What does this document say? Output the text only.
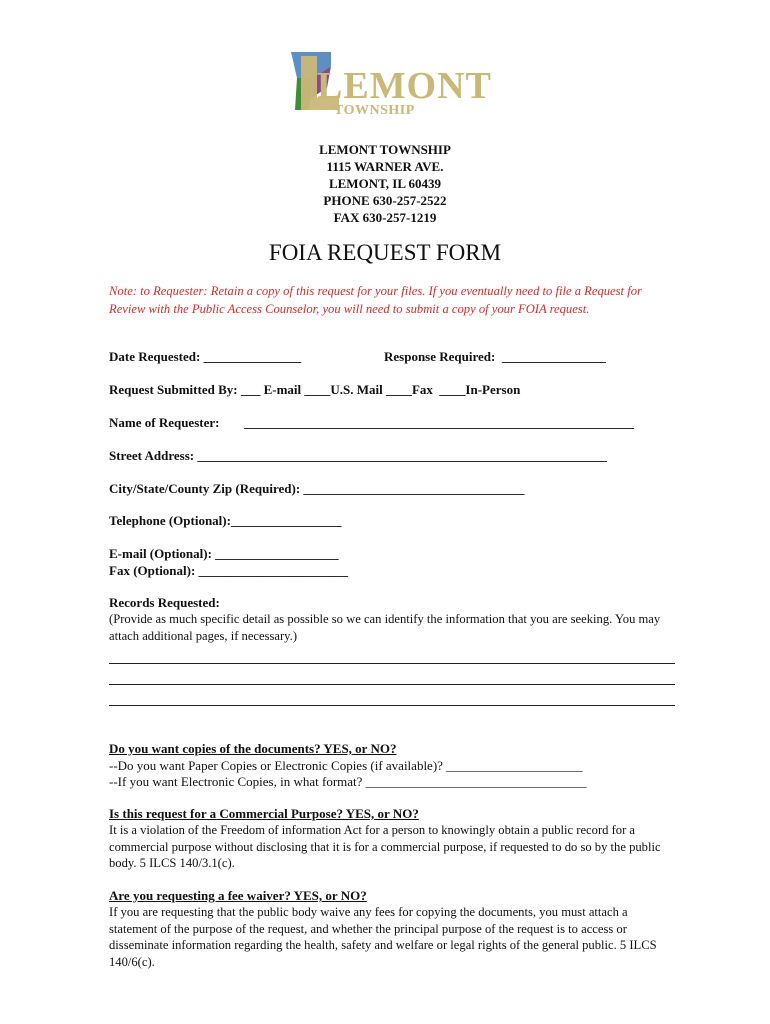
LEMONT
TOWNSHIP
LEMONT TOWNSHIP
1115 WARNER AVE.
LEMONT, IL 60439
PHONE 630-257-2522
FAX 630-257-1219
FOIA REQUEST FORM
Note: to Requester: Retain a copy of this request for your files. If you eventually need to file a Request for Review with the Public Access Counselor, you will need to submit a copy of your FOIA request.
Date Requested: _______________	Response Required:  ________________
Request Submitted By: ___ E-mail ____U.S. Mail ____Fax  ____In-Person
Name of Requester: ____________________________________________________________
Street Address: _______________________________________________________________
City/State/County Zip (Required): __________________________________
Telephone (Optional):_________________
E-mail (Optional): ___________________
Fax (Optional): _______________________
Records Requested:
(Provide as much specific detail as possible so we can identify the information that you are seeking. You may attach additional pages, if necessary.)
Do you want copies of the documents? YES, or NO?
--Do you want Paper Copies or Electronic Copies (if available)? _____________________
--If you want Electronic Copies, in what format? __________________________________
Is this request for a Commercial Purpose? YES, or NO?
It is a violation of the Freedom of information Act for a person to knowingly obtain a public record for a commercial purpose without disclosing that it is for a commercial purpose, if requested to do so by the public body. 5 ILCS 140/3.1(c).
Are you requesting a fee waiver? YES, or NO?
If you are requesting that the public body waive any fees for copying the documents, you must attach a statement of the purpose of the request, and whether the principal purpose of the request is to access or disseminate information regarding the health, safety and welfare or legal rights of the general public. 5 ILCS 140/6(c).
